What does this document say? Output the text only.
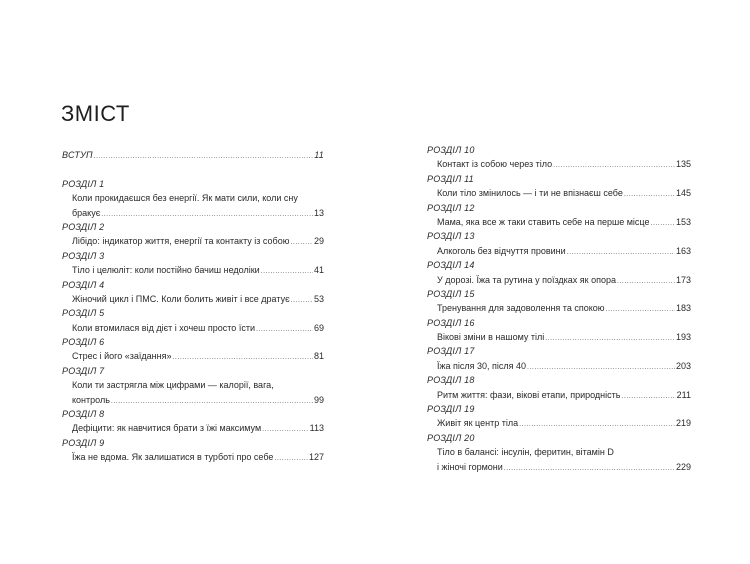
ЗМІСТ
ВСТУП .....	11
РОЗДІЛ 1
Коли прокидаєшся без енергії. Як мати сили, коли сну
бракує .....	13
РОЗДІЛ 2
Лібідо: індикатор життя, енергії та контакту із собою .....	29
РОЗДІЛ 3
Тіло і целюліт: коли постійно бачиш недоліки .....	41
РОЗДІЛ 4
Жіночий цикл і ПМС. Коли болить живіт і все дратує .....	53
РОЗДІЛ 5
Коли втомилася від дієт і хочеш просто їсти .....	69
РОЗДІЛ 6
Стрес і його «заїдання» .....	81
РОЗДІЛ 7
Коли ти застрягла між цифрами — калорії, вага,
контроль .....	99
РОЗДІЛ 8
Дефіцити: як навчитися брати з їжі максимум .....	113
РОЗДІЛ 9
Їжа не вдома. Як залишатися в турботі про себе .....	127
РОЗДІЛ 10
Контакт із собою через тіло .....	135
РОЗДІЛ 11
Коли тіло змінилось — і ти не впізнаєш себе .....	145
РОЗДІЛ 12
Мама, яка все ж таки ставить себе на перше місце .....	153
РОЗДІЛ 13
Алкоголь без відчуття провини .....	163
РОЗДІЛ 14
У дорозі. Їжа та рутина у поїздках як опора .....	173
РОЗДІЛ 15
Тренування для задоволення та спокою .....	183
РОЗДІЛ 16
Вікові зміни в нашому тілі .....	193
РОЗДІЛ 17
Їжа після 30, після 40 .....	203
РОЗДІЛ 18
Ритм життя: фази, вікові етапи, природність .....	211
РОЗДІЛ 19
Живіт як центр тіла .....	219
РОЗДІЛ 20
Тіло в балансі: інсулін, феритин, вітамін D
і жіночі гормони .....	229
